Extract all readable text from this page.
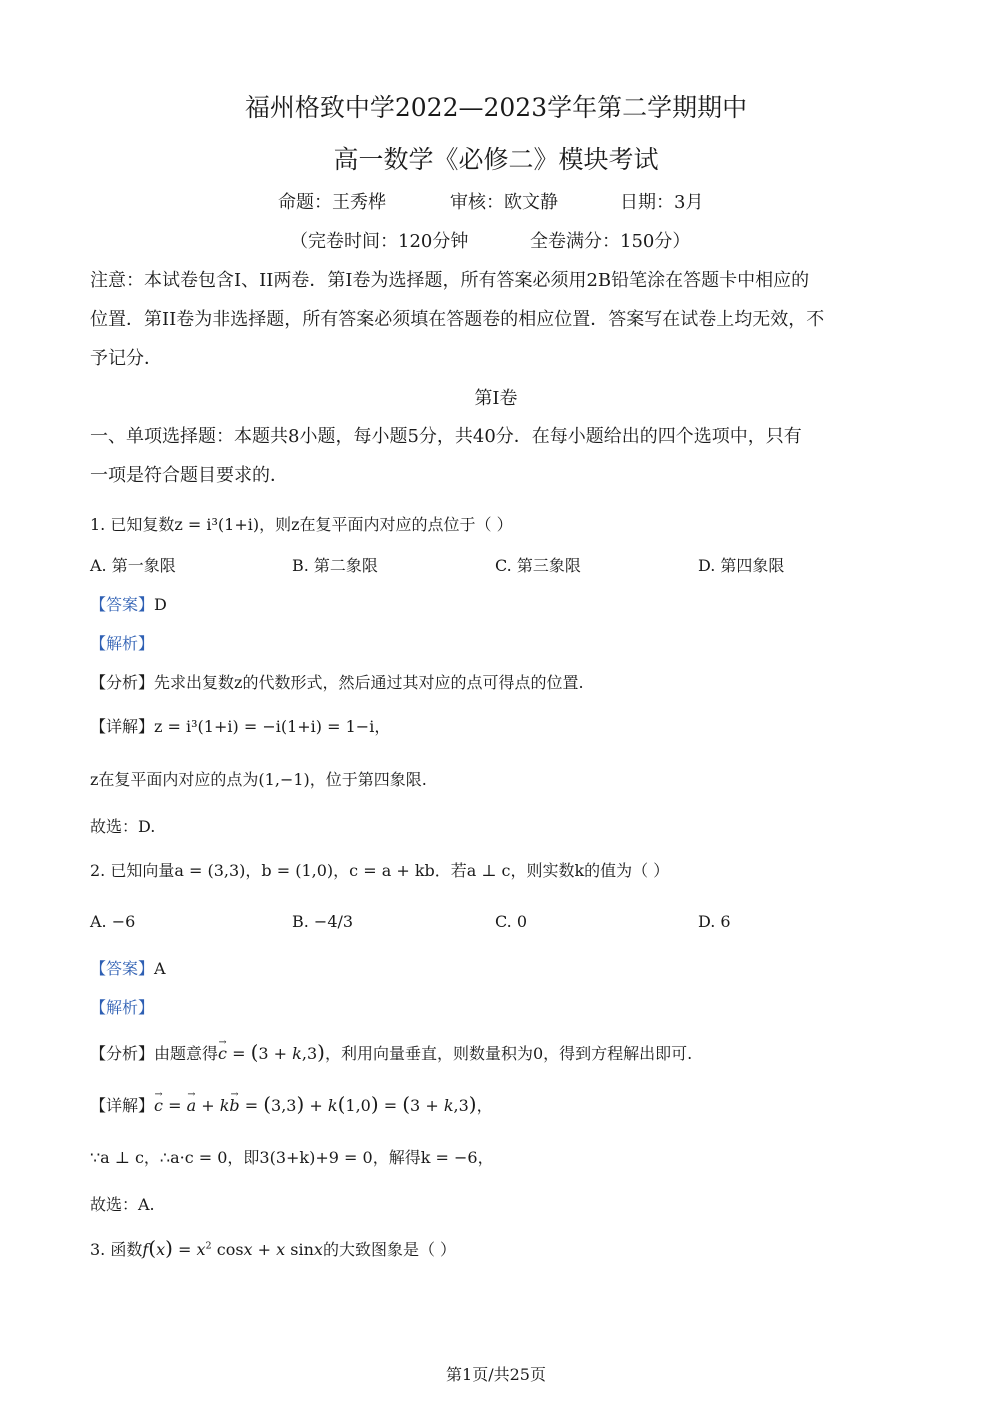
福州格致中学2022—2023学年第二学期期中
高一数学《必修二》模块考试
命题：王秀桦	审核：欧文静	日期：3月
（完卷时间：120分钟	全卷满分：150分）
注意：本试卷包含I、II两卷．第I卷为选择题，所有答案必须用2B铅笔涂在答题卡中相应的
位置．第II卷为非选择题，所有答案必须填在答题卷的相应位置．答案写在试卷上均无效，不
予记分．
第I卷
一、单项选择题：本题共8小题，每小题5分，共40分．在每小题给出的四个选项中，只有
一项是符合题目要求的．
1. 已知复数z = i³(1+i)，则z在复平面内对应的点位于（ ）
A. 第一象限	B. 第二象限	C. 第三象限	D. 第四象限
【答案】D
【解析】
【分析】先求出复数z的代数形式，然后通过其对应的点可得点的位置.
【详解】z = i³(1+i) = −i(1+i) = 1−i，
z在复平面内对应的点为(1,−1)，位于第四象限.
故选：D.
2. 已知向量a = (3,3)，b = (1,0)，c = a + kb．若a ⊥ c，则实数k的值为（ ）
A. −6	B. −4/3	C. 0	D. 6
【答案】A
【解析】
【分析】由题意得→ c = (3 + k,3)，利用向量垂直，则数量积为0，得到方程解出即可.
【详解】→ c = → a + k→ b = (3,3) + k(1,0) = (3 + k,3)，
∵a ⊥ c，∴a·c = 0，即3(3+k)+9 = 0，解得k = −6，
故选：A.
3. 函数$f(x) = x^2$ cosx + x sinx的大致图象是（ ）
第1页/共25页
